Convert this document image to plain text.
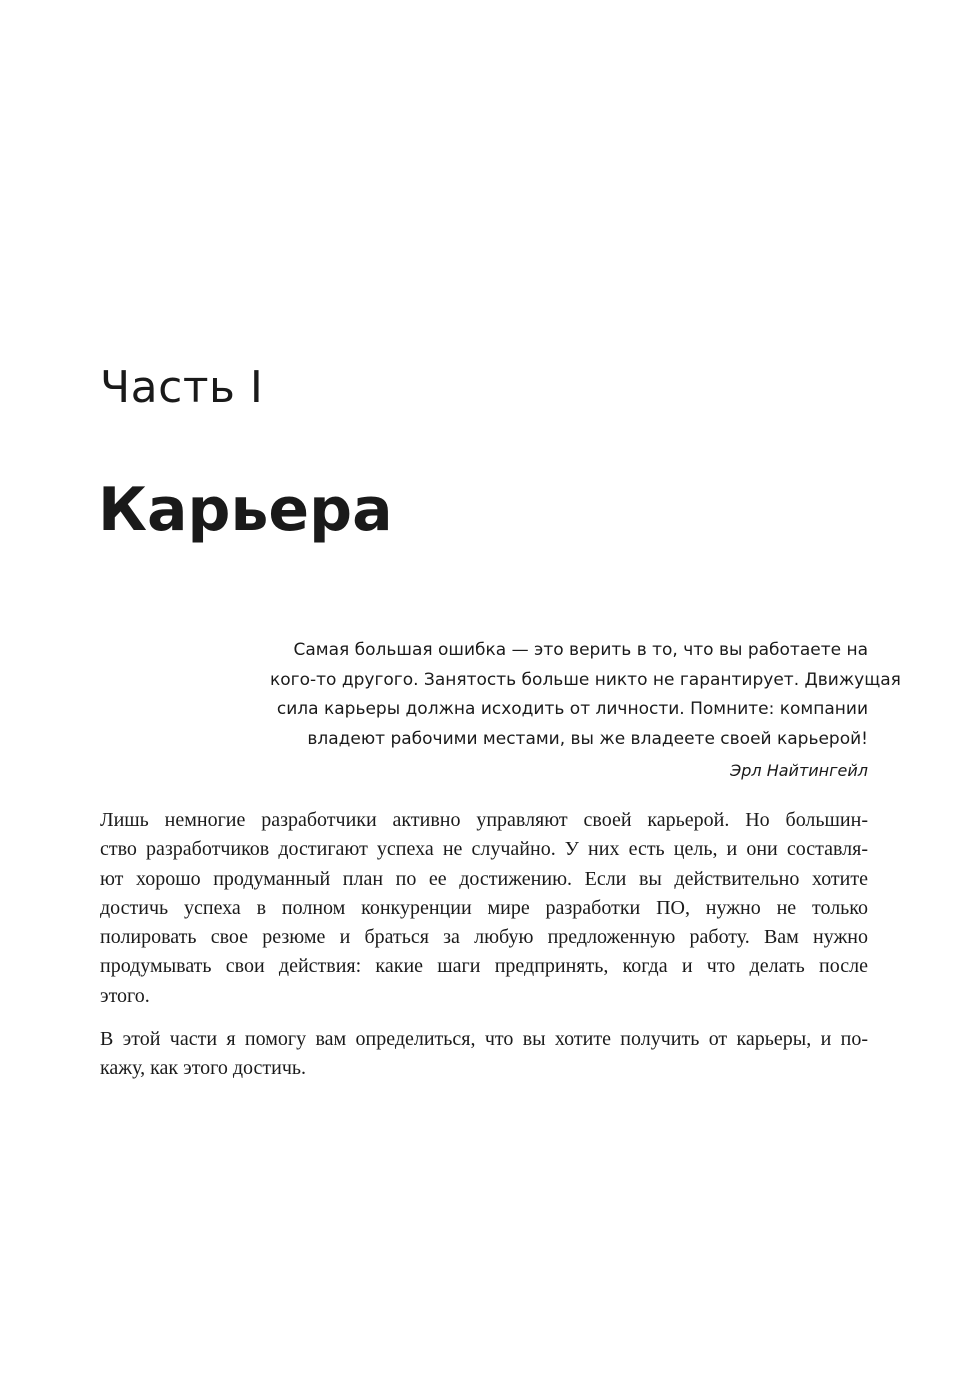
Часть I
Карьера
Самая большая ошибка — это верить в то, что вы работаете на
кого-то другого. Занятость больше никто не гарантирует. Движущая
сила карьеры должна исходить от личности. Помните: компании
владеют рабочими местами, вы же владеете своей карьерой!
Эрл Найтингейл

Лишь немногие разработчики активно управляют своей карьерой. Но большин-
ство разработчиков достигают успеха не случайно. У них есть цель, и они составля-
ют хорошо продуманный план по ее достижению. Если вы действительно хотите
достичь успеха в полном конкуренции мире разработки ПО, нужно не только
полировать свое резюме и браться за любую предложенную работу. Вам нужно
продумывать свои действия: какие шаги предпринять, когда и что делать после
этого.

В этой части я помогу вам определиться, что вы хотите получить от карьеры, и по-
кажу, как этого достичь.
